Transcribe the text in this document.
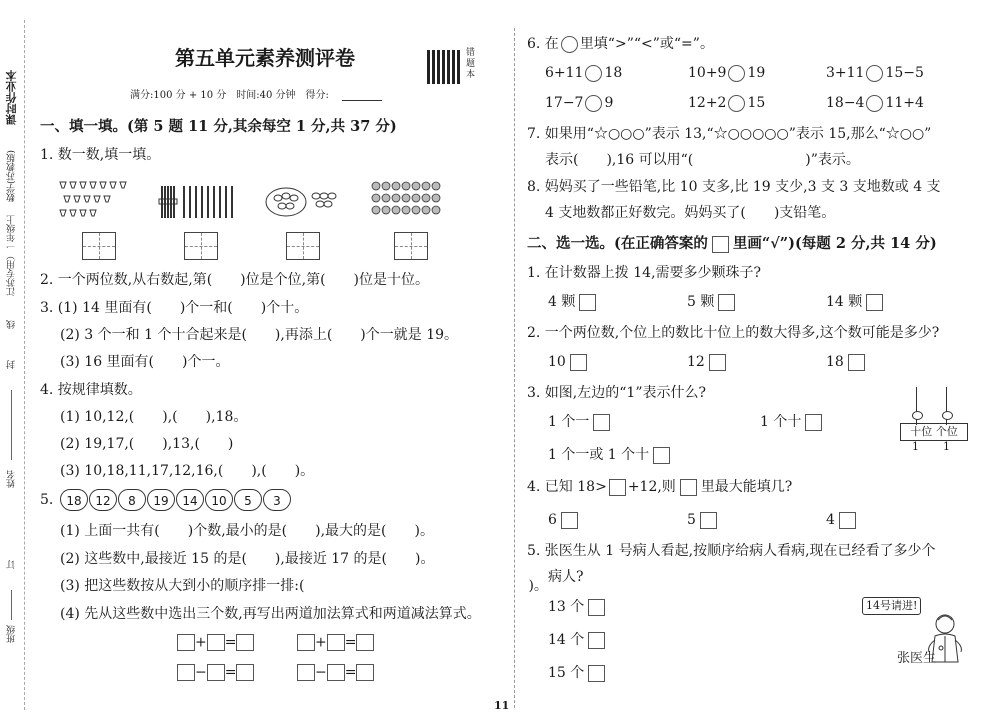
课时作业本
数学(苏教版)
江苏专用）一年级上
线
封
姓名
订
班级
第五单元素养测评卷	错题本
满分:100 分 + 10 分　时间:40 分钟　得分:
一、填一填。(第 5 题 11 分,其余每空 1 分,共 37 分)
1. 数一数,填一填。
2. 一个两位数,从右数起,第(　　)位是个位,第(　　)位是十位。
3. (1) 14 里面有(　　)个一和(　　)个十。
(2) 3 个一和 1 个十合起来是(　　),再添上(　　)个一就是 19。
(3) 16 里面有(　　)个一。
4. 按规律填数。
(1) 10,12,(　　),(　　),18。
(2) 19,17,(　　),13,(　　)
(3) 10,18,11,17,12,16,(　　),(　　)。
5.	18	12	8	19	14	10	5	3
(1) 上面一共有(　　)个数,最小的是(　　),最大的是(　　)。
(2) 这些数中,最接近 15 的是(　　),最接近 17 的是(　　)。
(3) 把这些数按从大到小的顺序排一排:(　　　　　　　　　　　　　　　　)。
(4) 先从这些数中选出三个数,再写出两道加法算式和两道减法算式。
+ =	+ =
− =	− =
6. 在 里填“>”“<”或“=”。
6+11 18	10+9 19	3+11 15−5
17−7 9	12+2 15	18−4 11+4
7. 如果用“☆○○○”表示 13,“☆○○○○○”表示 15,那么“☆○○”
表示(　　),16 可以用“(　　　　　　　　)”表示。
8. 妈妈买了一些铅笔,比 10 支多,比 19 支少,3 支 3 支地数或 4 支
4 支地数都正好数完。妈妈买了(　　)支铅笔。
二、选一选。(在正确答案的 里画“√”)(每题 2 分,共 14 分)
1. 在计数器上拨 14,需要多少颗珠子?
4 颗	5 颗	14 颗
2. 一个两位数,个位上的数比十位上的数大得多,这个数可能是多少?
10	12	18
3. 如图,左边的“1”表示什么?
1 个一	1 个十
1 个一或 1 个十
十位 个位
1 1
4. 已知 18> +12,则 里最大能填几?
6	5	4
5. 张医生从 1 号病人看起,按顺序给病人看病,现在已经看了多少个
病人?
13 个
14 个
15 个
14号请进!
张医生
11
